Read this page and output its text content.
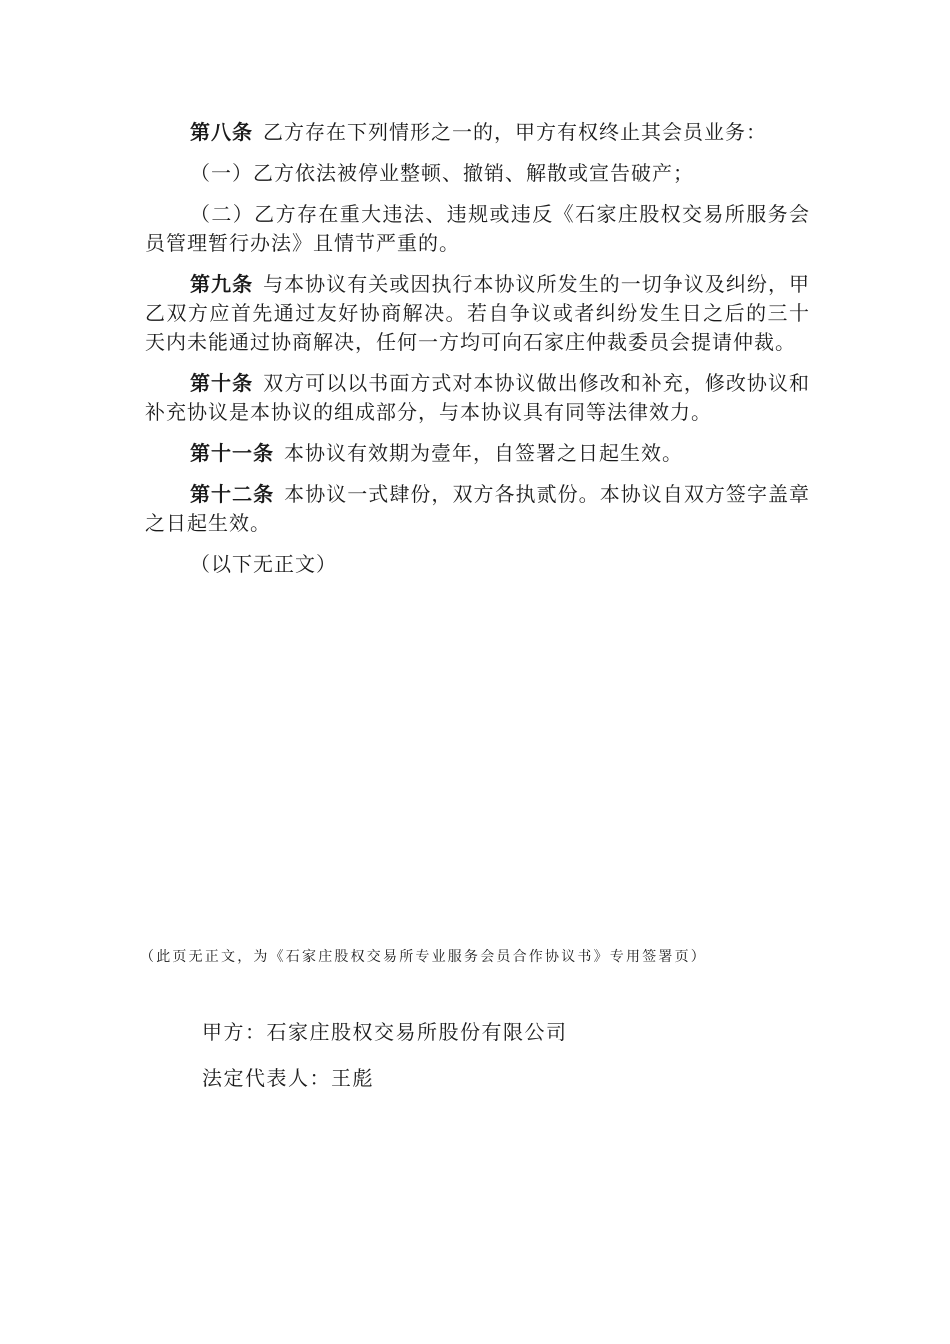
第八条 乙方存在下列情形之一的，甲方有权终止其会员业务：

（一）乙方依法被停业整顿、撤销、解散或宣告破产；

（二）乙方存在重大违法、违规或违反《石家庄股权交易所服务会员管理暂行办法》且情节严重的。

第九条 与本协议有关或因执行本协议所发生的一切争议及纠纷，甲乙双方应首先通过友好协商解决。若自争议或者纠纷发生日之后的三十天内未能通过协商解决，任何一方均可向石家庄仲裁委员会提请仲裁。

第十条 双方可以以书面方式对本协议做出修改和补充，修改协议和补充协议是本协议的组成部分，与本协议具有同等法律效力。

第十一条 本协议有效期为壹年，自签署之日起生效。

第十二条 本协议一式肆份，双方各执贰份。本协议自双方签字盖章之日起生效。

（以下无正文）

（此页无正文，为《石家庄股权交易所专业服务会员合作协议书》专用签署页）
甲方：石家庄股权交易所股份有限公司
法定代表人：王彪
